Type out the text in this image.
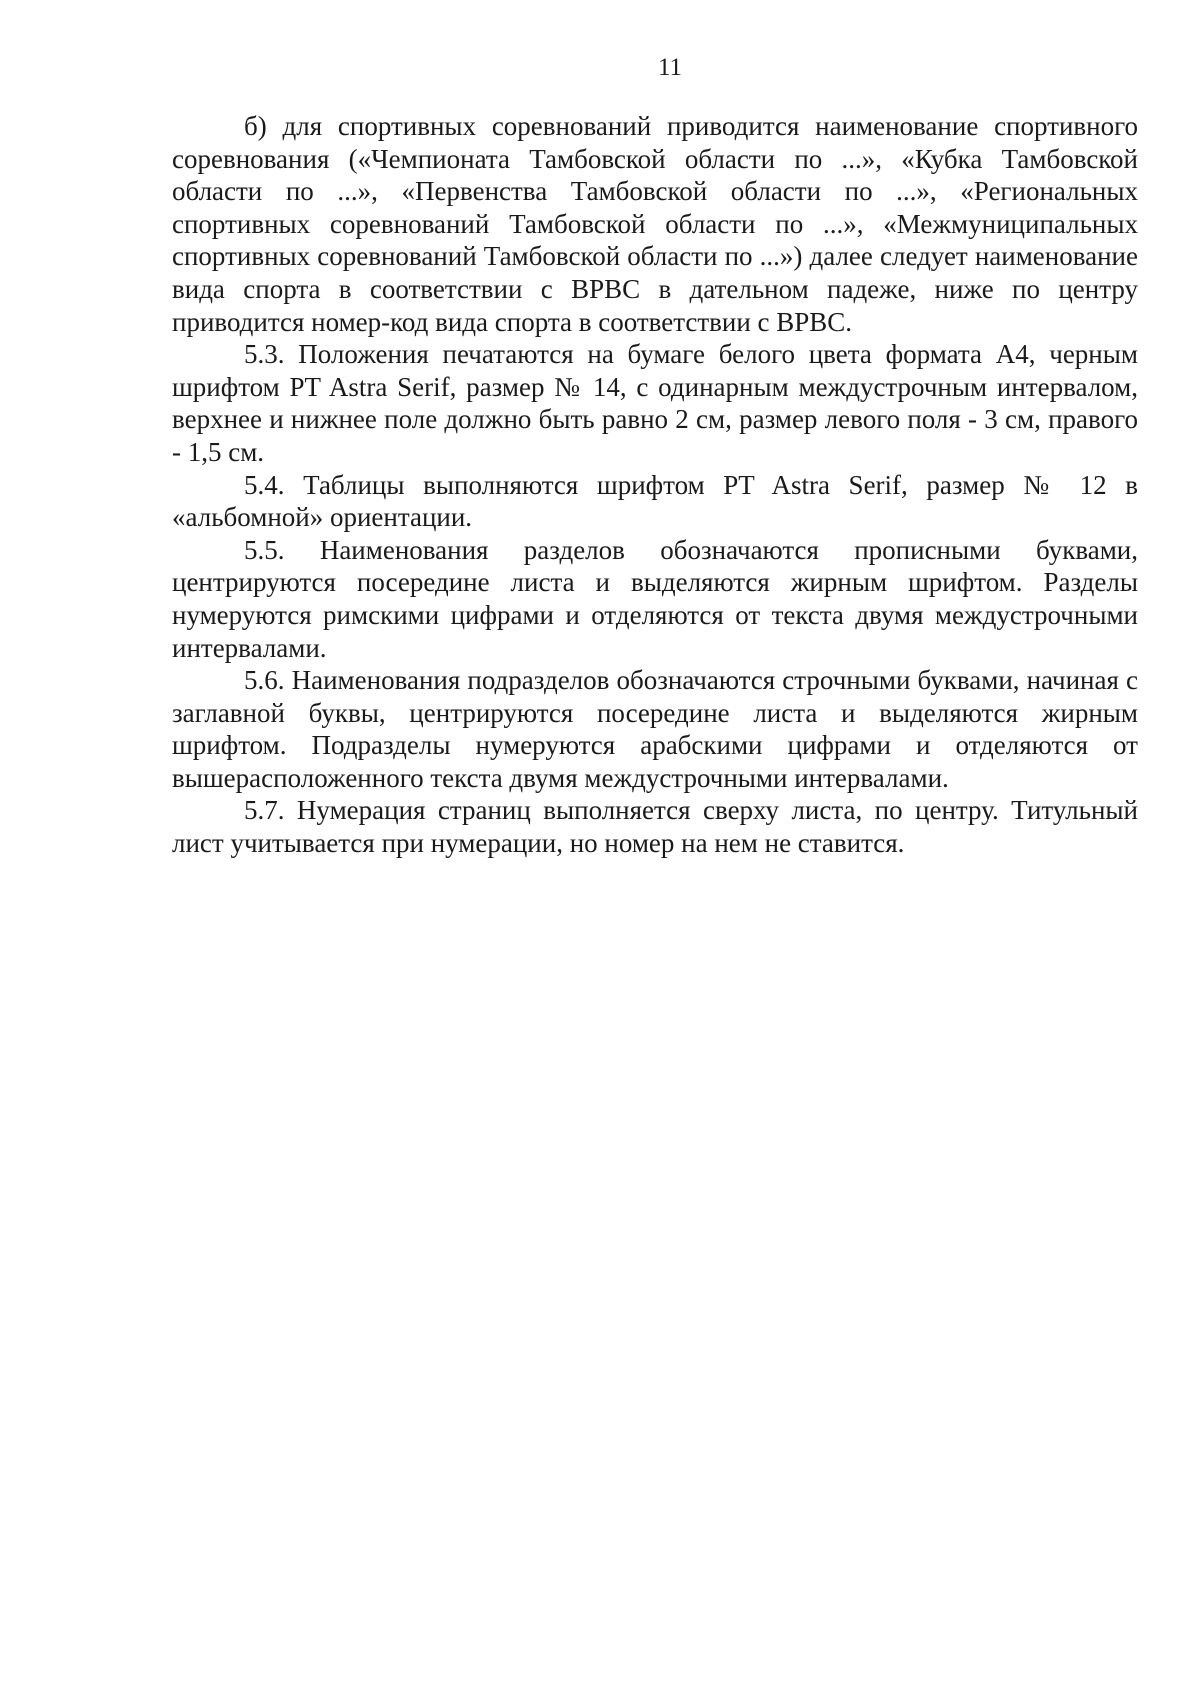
11

б) для спортивных соревнований приводится наименование спортивного соревнования («Чемпионата Тамбовской области по ...», «Кубка Тамбовской области по ...», «Первенства Тамбовской области по ...», «Региональных спортивных соревнований Тамбовской области по ...», «Межмуниципальных спортивных соревнований Тамбовской области по ...») далее следует наименование вида спорта в соответствии с ВРВС в дательном падеже, ниже по центру приводится номер-код вида спорта в соответствии с ВРВС.

5.3. Положения печатаются на бумаге белого цвета формата А4, черным шрифтом PT Astra Serif, размер № 14, с одинарным междустрочным интервалом, верхнее и нижнее поле должно быть равно 2 см, размер левого поля - 3 см, правого - 1,5 см.

5.4. Таблицы выполняются шрифтом PT Astra Serif, размер № 12 в «альбомной» ориентации.

5.5. Наименования разделов обозначаются прописными буквами, центрируются посередине листа и выделяются жирным шрифтом. Разделы нумеруются римскими цифрами и отделяются от текста двумя междустрочными интервалами.

5.6. Наименования подразделов обозначаются строчными буквами, начиная с заглавной буквы, центрируются посередине листа и выделяются жирным шрифтом. Подразделы нумеруются арабскими цифрами и отделяются от вышерасположенного текста двумя междустрочными интервалами.

5.7. Нумерация страниц выполняется сверху листа, по центру. Титульный лист учитывается при нумерации, но номер на нем не ставится.
